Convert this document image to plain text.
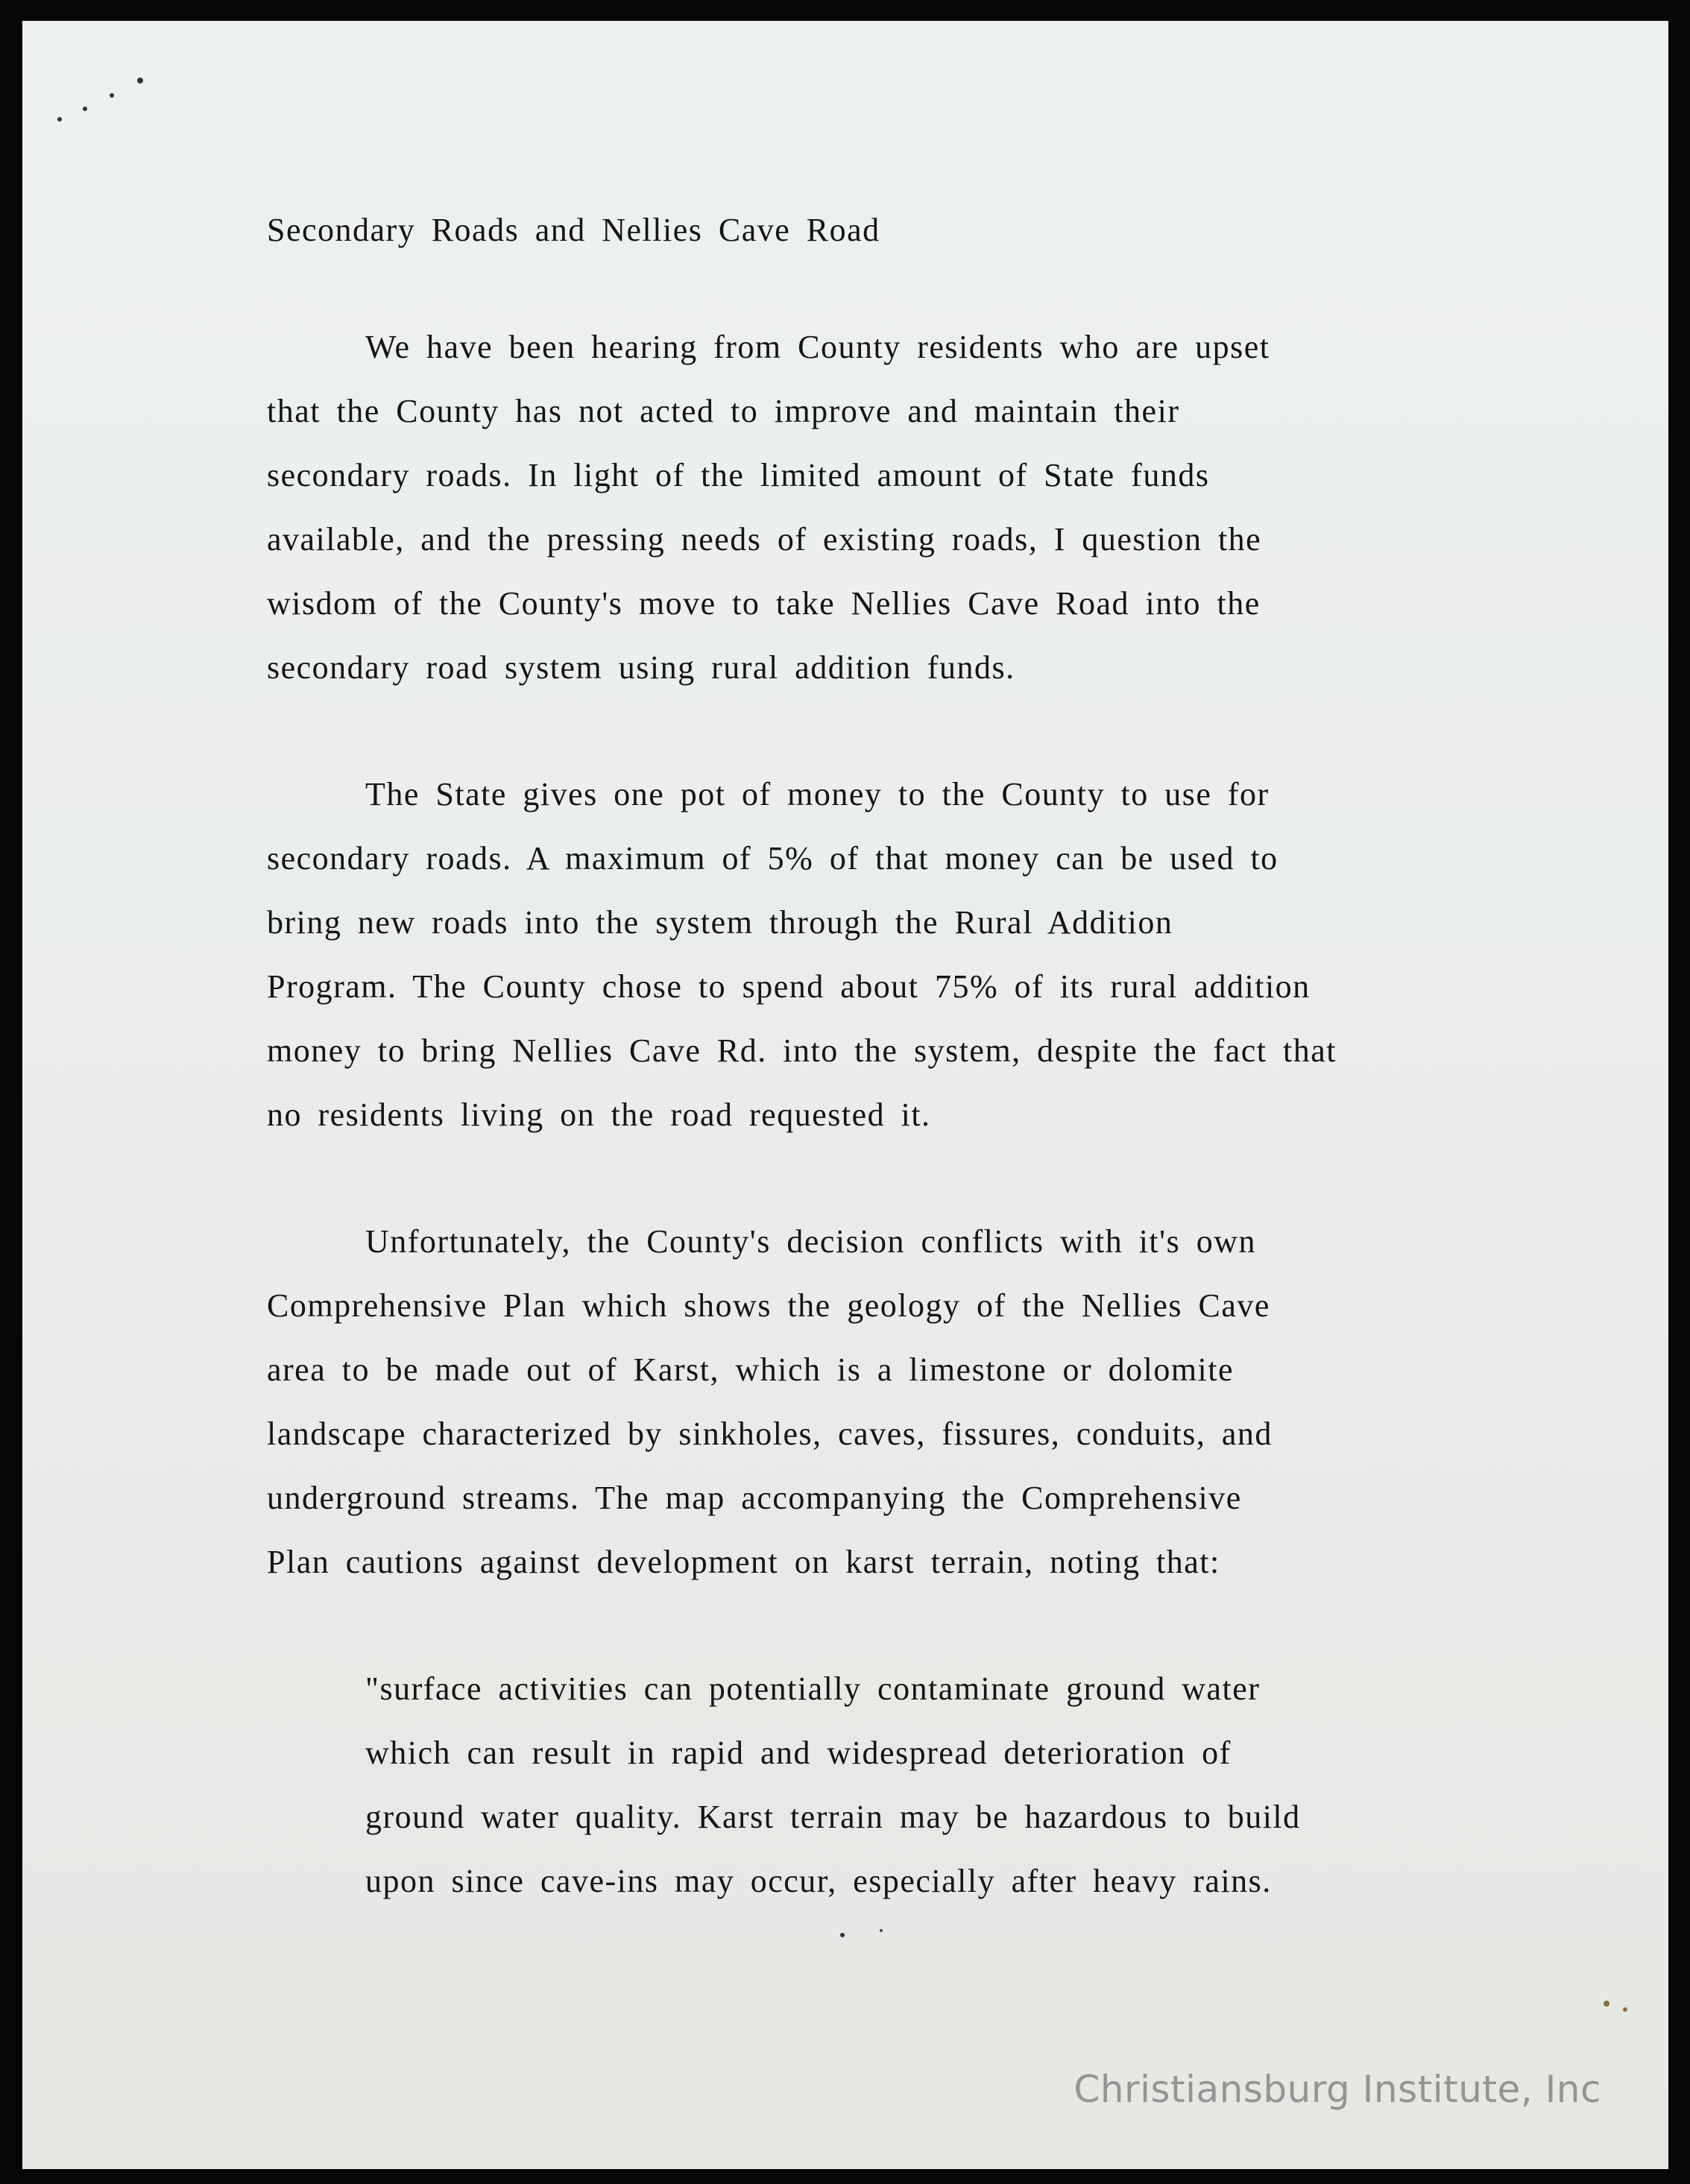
Secondary Roads and Nellies Cave Road
We have been hearing from County residents who are upset
that the County has not acted to improve and maintain their
secondary roads. In light of the limited amount of State funds
available, and the pressing needs of existing roads, I question the
wisdom of the County's move to take Nellies Cave Road into the
secondary road system using rural addition funds.
The State gives one pot of money to the County to use for
secondary roads. A maximum of 5% of that money can be used to
bring new roads into the system through the Rural Addition
Program. The County chose to spend about 75% of its rural addition
money to bring Nellies Cave Rd. into the system, despite the fact that
no residents living on the road requested it.
Unfortunately, the County's decision conflicts with it's own
Comprehensive Plan which shows the geology of the Nellies Cave
area to be made out of Karst, which is a limestone or dolomite
landscape characterized by sinkholes, caves, fissures, conduits, and
underground streams. The map accompanying the Comprehensive
Plan cautions against development on karst terrain, noting that:
"surface activities can potentially contaminate ground water
which can result in rapid and widespread deterioration of
ground water quality. Karst terrain may be hazardous to build
upon since cave-ins may occur, especially after heavy rains.
Christiansburg Institute, Inc
